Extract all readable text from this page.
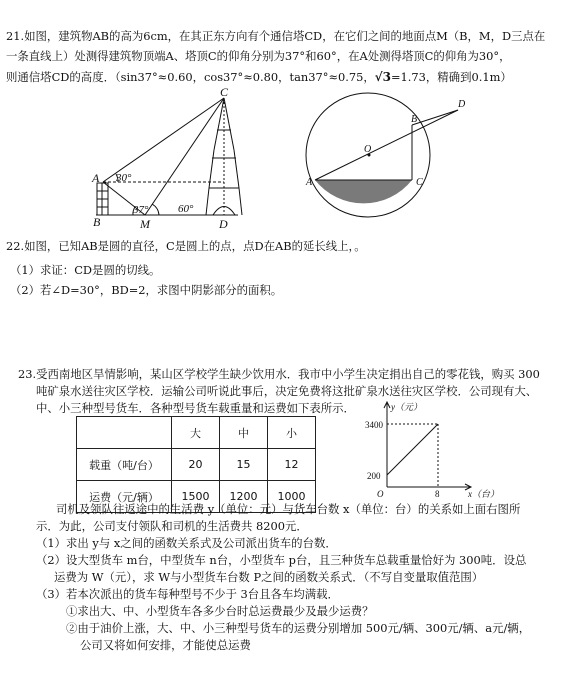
21.如图，建筑物AB的高为6cm，在其正东方向有个通信塔CD，在它们之间的地面点M（B，M，D三点在
一条直线上）处测得建筑物顶端A、塔顶C的仰角分别为37°和60°，在A处测得塔顶C的仰角为30°，
则通信塔CD的高度．（sin37°≈0.60，cos37°≈0.80，tan37°≈0.75，√3=1.73，精确到0.1m）
C
A
B	M	D
30°
37°	60°
A
O
B
C
D
22.如图，已知AB是圆的直径，C是圆上的点，点D在AB的延长线上，。
（1）求证：CD是圆的切线。
（2）若∠D=30°，BD=2，求图中阴影部分的面积。
23.受西南地区旱情影响，某山区学校学生缺少饮用水．我市中小学生决定捐出自己的零花钱，购买 300
吨矿泉水送往灾区学校．运输公司听说此事后，决定免费将这批矿泉水送往灾区学校．公司现有大、
中、小三种型号货车．各种型号货车载重量和运费如下表所示．
	大	中	小
载重（吨/台）	20	15	12
运费（元/辆）	1500	1200	1000
y（元）
x（台）
3400
200
O	8
司机及领队往返途中的生活费 y（单位：元）与货车台数 x（单位：台）的关系如上面右图所
示．为此，公司支付领队和司机的生活费共 8200元．
（1）求出 y与 x之间的函数关系式及公司派出货车的台数．
（2）设大型货车 m台，中型货车 n台，小型货车 p台，且三种货车总载重量恰好为 300吨．设总
运费为 W（元），求 W与小型货车台数 P之间的函数关系式．（不写自变量取值范围）
（3）若本次派出的货车每种型号不少于 3台且各车均满载．
①求出大、中、小型货车各多少台时总运费最少及最少运费？
②由于油价上涨，大、中、小三种型号货车的运费分别增加 500元/辆、300元/辆、a元/辆，
公司又将如何安排，才能使总运费
